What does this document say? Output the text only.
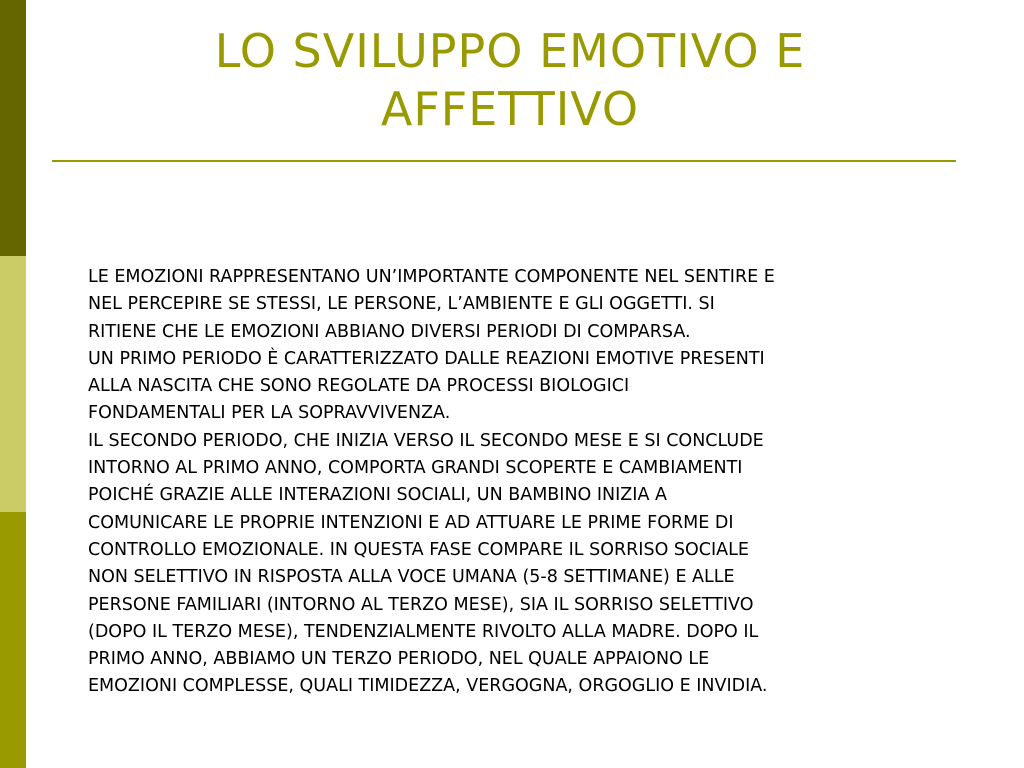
LO SVILUPPO EMOTIVO E
AFFETTIVO

LE EMOZIONI RAPPRESENTANO UN’IMPORTANTE COMPONENTE NEL SENTIRE E
NEL PERCEPIRE SE STESSI, LE PERSONE, L’AMBIENTE E GLI OGGETTI. SI
RITIENE CHE LE EMOZIONI ABBIANO DIVERSI PERIODI DI COMPARSA.

UN PRIMO PERIODO È CARATTERIZZATO DALLE REAZIONI EMOTIVE PRESENTI
ALLA NASCITA CHE SONO REGOLATE DA PROCESSI BIOLOGICI
FONDAMENTALI PER LA SOPRAVVIVENZA.

IL SECONDO PERIODO, CHE INIZIA VERSO IL SECONDO MESE E SI CONCLUDE
INTORNO AL PRIMO ANNO, COMPORTA GRANDI SCOPERTE E CAMBIAMENTI
POICHÉ GRAZIE ALLE INTERAZIONI SOCIALI, UN BAMBINO INIZIA A
COMUNICARE LE PROPRIE INTENZIONI E AD ATTUARE LE PRIME FORME DI
CONTROLLO EMOZIONALE. IN QUESTA FASE COMPARE IL SORRISO SOCIALE
NON SELETTIVO IN RISPOSTA ALLA VOCE UMANA (5-8 SETTIMANE) E ALLE
PERSONE FAMILIARI (INTORNO AL TERZO MESE), SIA IL SORRISO SELETTIVO
(DOPO IL TERZO MESE), TENDENZIALMENTE RIVOLTO ALLA MADRE. DOPO IL
PRIMO ANNO, ABBIAMO UN TERZO PERIODO, NEL QUALE APPAIONO LE
EMOZIONI COMPLESSE, QUALI TIMIDEZZA, VERGOGNA, ORGOGLIO E INVIDIA.
